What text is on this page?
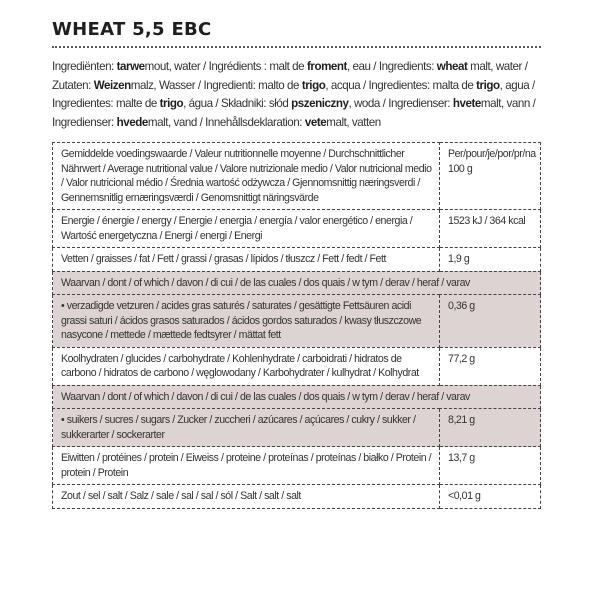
WHEAT 5,5 EBC
Ingrediënten: tarwemout, water / Ingrédients : malt de froment, eau / Ingredients: wheat malt, water / Zutaten: Weizenmalz, Wasser / Ingredienti: malto de trigo, acqua / Ingredientes: malta de trigo, agua / Ingredientes: malte de trigo, água / Składniki: słód pszeniczny, woda / Ingredienser: hvetemalt, vann / Ingredienser: hvedemalt, vand / Innehållsdeklaration: vetemalt, vatten
Gemiddelde voedingswaarde / Valeur nutritionnelle moyenne / Durchschnittlicher Nährwert / Average nutritional value / Valore nutrizionale medio / Valor nutricional medio / Valor nutricional médio / Średnia wartość odżywcza / Gjennomsnittig næringsverdi / Gennemsnitlig ernæringsværdi / Genomsnittigt näringsvärde	Per/pour/je/por/pr/na 100 g
Energie / énergie / energy / Energie / energia / energía / valor energético / energia / Wartość energetyczna / Energi / energi / Energi	1523 kJ / 364 kcal
Vetten / graisses / fat / Fett / grassi / grasas / lípidos / tłuszcz / Fett / fedt / Fett	1,9 g
Waarvan / dont / of which / davon / di cui / de las cuales / dos quais / w tym / derav / heraf / varav	
• verzadigde vetzuren / acides gras saturés / saturates / gesättigte Fettsäuren acidi grassi saturi / ácidos grasos saturados / ácidos gordos saturados / kwasy tłuszczowe nasycone / mettede / mættede fedtsyrer / mättat fett	0,36 g
Koolhydraten / glucides / carbohydrate / Kohlenhydrate / carboidrati / hidratos de carbono / hidratos de carbono / węglowodany / Karbohydrater / kulhydrat / Kolhydrat	77,2 g
Waarvan / dont / of which / davon / di cui / de las cuales / dos quais / w tym / derav / heraf / varav	
• suikers / sucres / sugars / Zucker / zuccheri / azúcares / açúcares / cukry / sukker / sukkerarter / sockerarter	8,21 g
Eiwitten / protéines / protein / Eiweiss / proteine / proteínas / proteínas / białko / Protein / protein / Protein	13,7 g
Zout / sel / salt / Salz / sale / sal / sal / sól / Salt / salt / salt	<0,01 g
